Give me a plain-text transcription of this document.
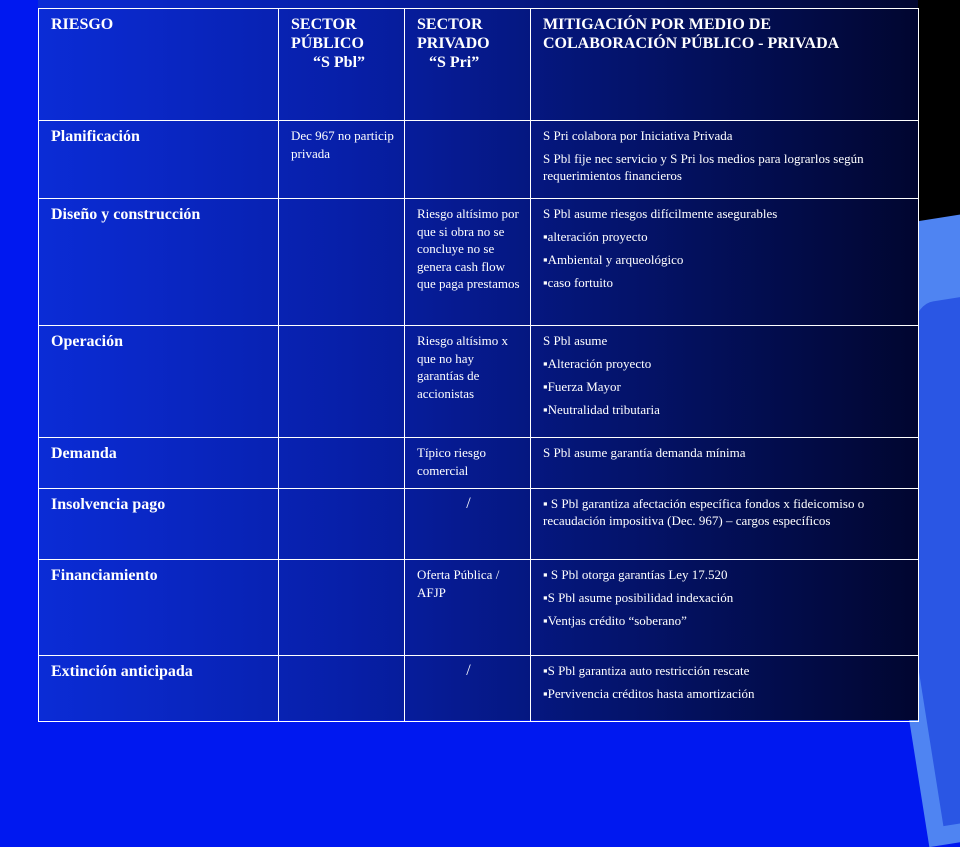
RIESGO	SECTOR
PÚBLICO
“S Pbl”	SECTOR
PRIVADO
“S Pri”	MITIGACIÓN POR MEDIO DE COLABORACIÓN PÚBLICO - PRIVADA
Planificación	Dec 967 no particip privada		S Pri colabora por Iniciativa Privada

S Pbl fije nec servicio y S Pri los medios para lograrlos según requerimientos financieros

Diseño y construcción		Riesgo altísimo por que si obra no se concluye no se genera cash flow que paga prestamos	S Pbl asume riesgos difícilmente asegurables

▪alteración proyecto

▪Ambiental y arqueológico

▪caso fortuito

Operación		Riesgo altísimo x que no hay garantías de accionistas	S Pbl asume

▪Alteración proyecto

▪Fuerza Mayor

▪Neutralidad tributaria

Demanda		Típico riesgo comercial	S Pbl asume garantía demanda mínima

Insolvencia pago		/	▪ S Pbl garantiza afectación específica fondos x fideicomiso o recaudación impositiva (Dec. 967) – cargos específicos

Financiamiento		Oferta Pública / AFJP	▪ S Pbl otorga garantías Ley 17.520

▪S Pbl asume posibilidad indexación

▪Ventjas crédito “soberano”

Extinción anticipada		/	▪S Pbl garantiza auto restricción rescate

▪Pervivencia créditos hasta amortización
